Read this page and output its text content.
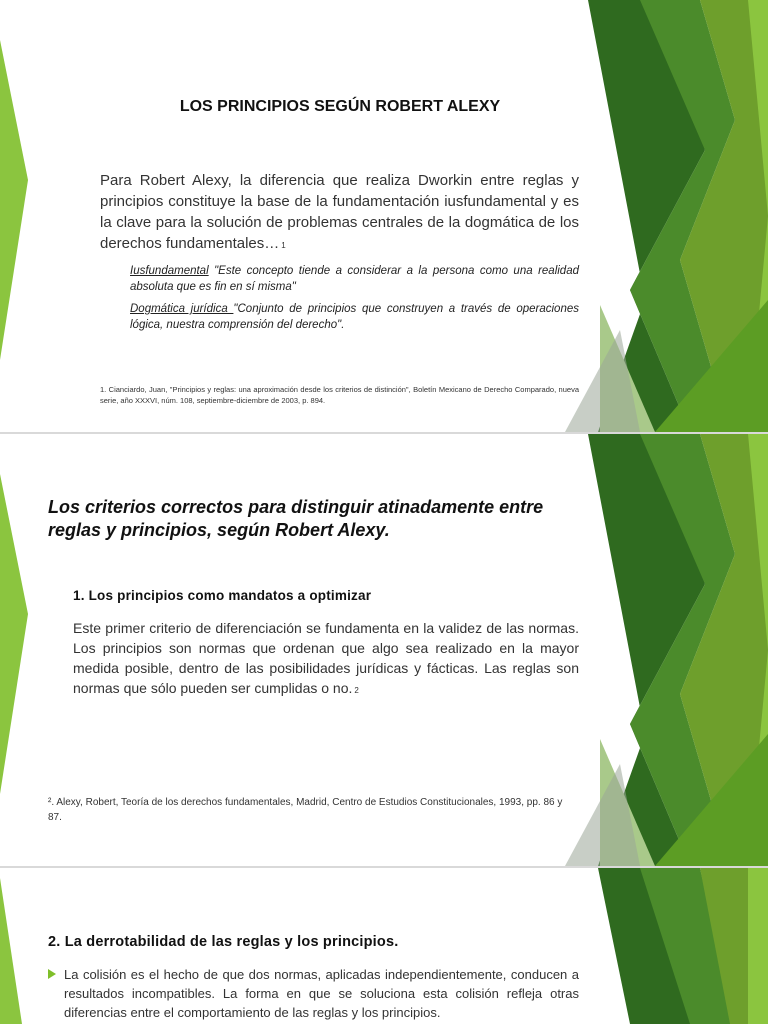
LOS PRINCIPIOS SEGÚN ROBERT ALEXY

Para Robert Alexy, la diferencia que realiza Dworkin entre reglas y principios constituye la base de la fundamentación iusfundamental y es la clave para la solución de problemas centrales de la dogmática de los derechos fundamentales… 1

Iusfundamental "Este concepto tiende a considerar a la persona como una realidad absoluta que es fin en sí misma"

Dogmática jurídica "Conjunto de principios que construyen a través de operaciones lógica, nuestra comprensión del derecho".

1. Cianciardo, Juan, "Principios y reglas: una aproximación desde los criterios de distinción", Boletín Mexicano de Derecho Comparado, nueva serie, año XXXVI, núm. 108, septiembre-diciembre de 2003, p. 894.

Los criterios correctos para distinguir atinadamente entre reglas y principios, según Robert Alexy.
1. Los principios como mandatos a optimizar

Este primer criterio de diferenciación se fundamenta en la validez de las normas. Los principios son normas que ordenan que algo sea realizado en la mayor medida posible, dentro de las posibilidades jurídicas y fácticas. Las reglas son normas que sólo pueden ser cumplidas o no. 2

². Alexy, Robert, Teoría de los derechos fundamentales, Madrid, Centro de Estudios Constitucionales, 1993, pp. 86 y 87.

2. La derrotabilidad de las reglas y los principios.

La colisión es el hecho de que dos normas, aplicadas independientemente, conducen a resultados incompatibles. La forma en que se soluciona esta colisión refleja otras diferencias entre el comportamiento de las reglas y los principios.
